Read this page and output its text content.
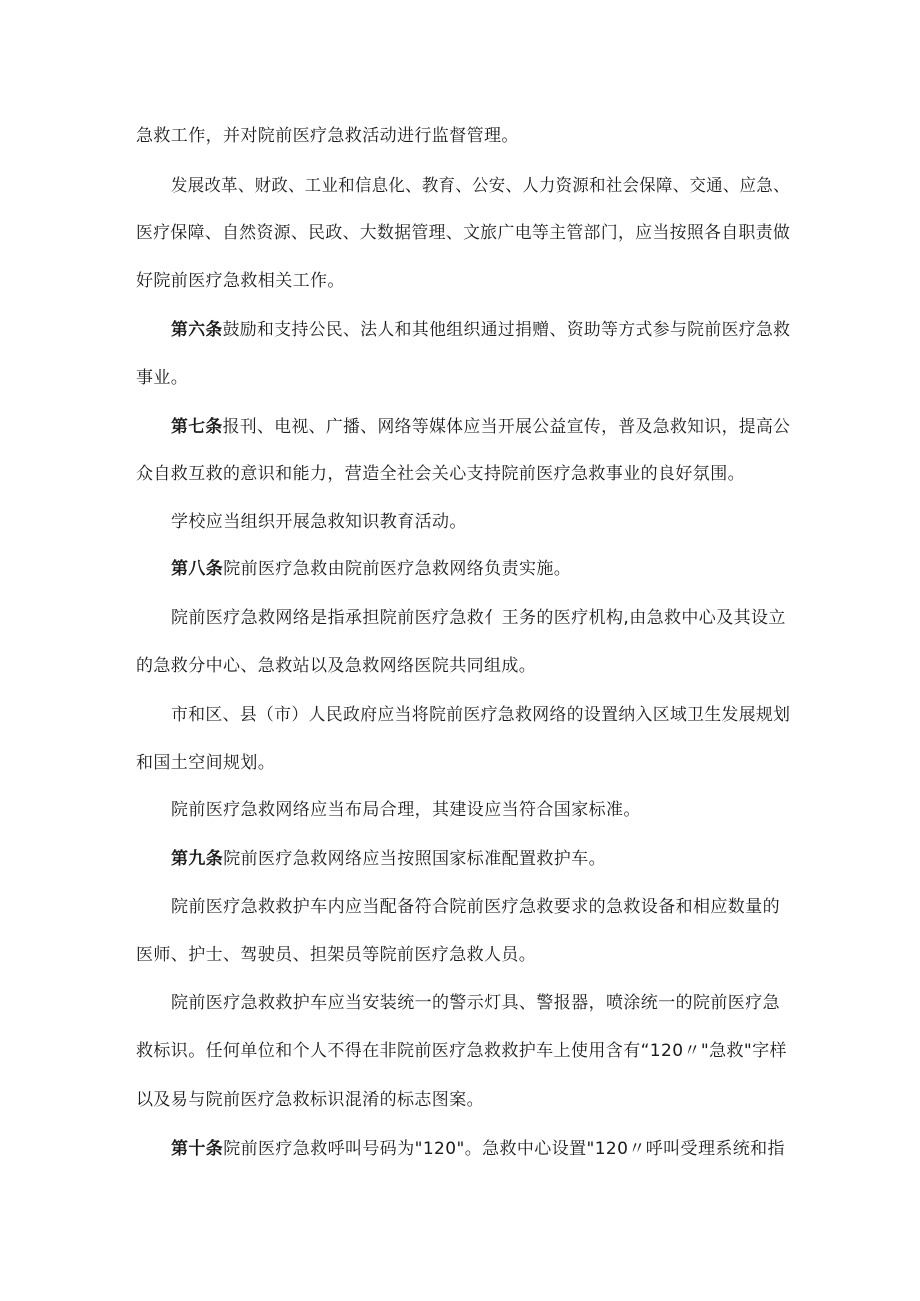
急救工作，并对院前医疗急救活动进行监督管理。
发展改革、财政、工业和信息化、教育、公安、人力资源和社会保障、交通、应急、
医疗保障、自然资源、民政、大数据管理、文旅广电等主管部门，应当按照各自职责做
好院前医疗急救相关工作。
第六条鼓励和支持公民、法人和其他组织通过捐赠、资助等方式参与院前医疗急救
事业。
第七条报刊、电视、广播、网络等媒体应当开展公益宣传，普及急救知识，提高公
众自救互救的意识和能力，营造全社会关心支持院前医疗急救事业的良好氛围。
学校应当组织开展急救知识教育活动。
第八条院前医疗急救由院前医疗急救网络负责实施。
院前医疗急救网络是指承担院前医疗急救亻王务的医疗机构,由急救中心及其设立
的急救分中心、急救站以及急救网络医院共同组成。
市和区、县（市）人民政府应当将院前医疗急救网络的设置纳入区域卫生发展规划
和国土空间规划。
院前医疗急救网络应当布局合理，其建设应当符合国家标准。
第九条院前医疗急救网络应当按照国家标准配置救护车。
院前医疗急救救护车内应当配备符合院前医疗急救要求的急救设备和相应数量的
医师、护士、驾驶员、担架员等院前医疗急救人员。
院前医疗急救救护车应当安装统一的警示灯具、警报器，喷涂统一的院前医疗急
救标识。任何单位和个人不得在非院前医疗急救救护车上使用含有“120〃"急救"字样
以及易与院前医疗急救标识混淆的标志图案。
第十条院前医疗急救呼叫号码为"120"。急救中心设置"120〃呼叫受理系统和指
